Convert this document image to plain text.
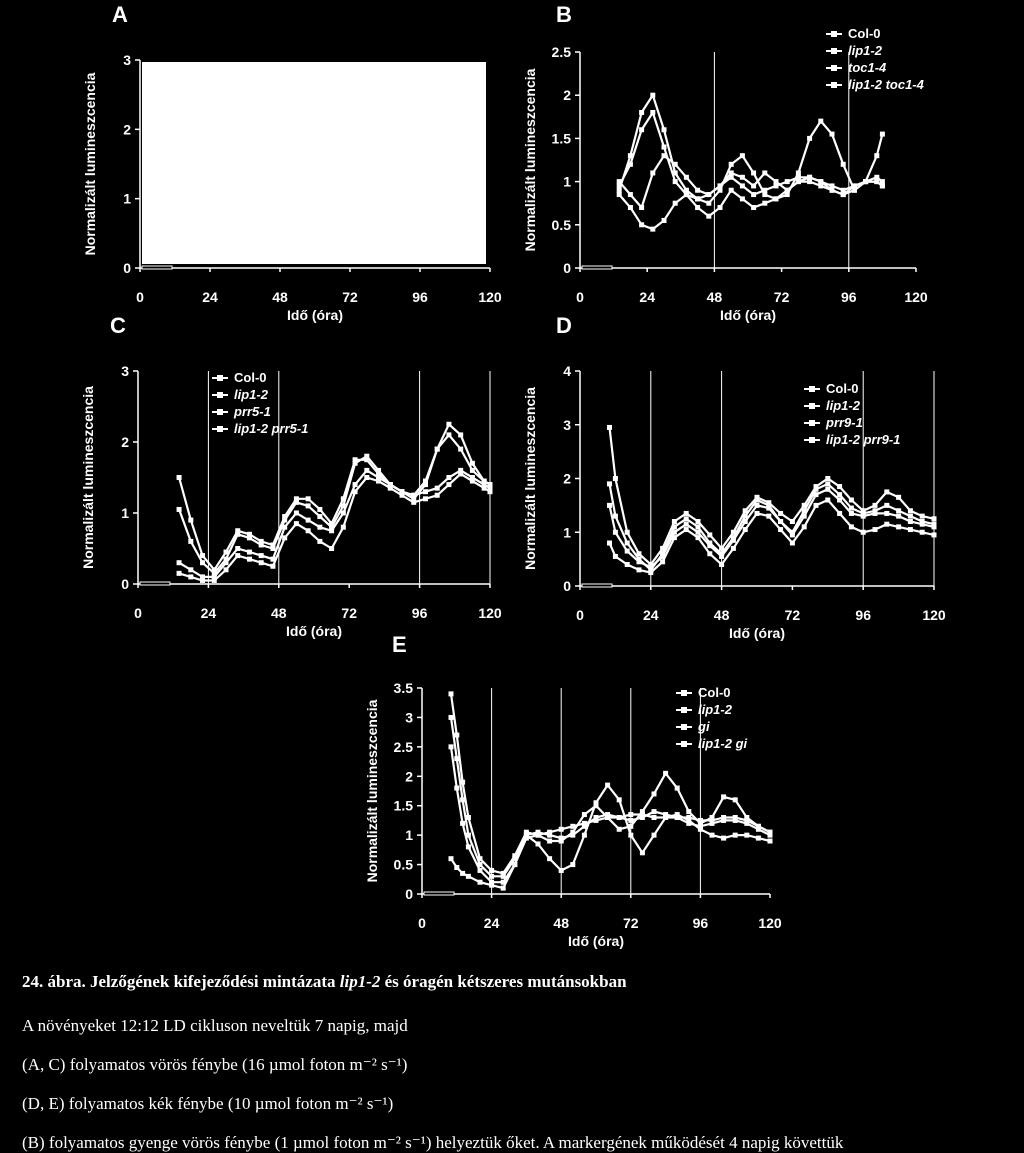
A
0
1
2
3
0	24	48	72	96	120
Idő (óra)
Normalizált lumineszcencia
B
0
0.5
1
1.5
2
2.5
0	24	48	72	96	120
Idő (óra)
Normalizált lumineszcencia
Col-0
lip1-2
toc1-4
lip1-2 toc1-4
C
0
1
2
3
0	24	48	72	96	120
Idő (óra)
Normalizált lumineszcencia
Col-0
lip1-2
prr5-1
lip1-2 prr5-1
D
0
1
2
3
4
0	24	48	72	96	120
Idő (óra)
Normalizált lumineszcencia	Col-0
lip1-2
prr9-1
lip1-2 prr9-1
E
0
0.5
1
1.5
2
2.5
3
3.5
0	24	48	72	96	120
Idő (óra)
Normalizált lumineszcencia
Col-0
lip1-2
gi
lip1-2 gi
24. ábra. Jelzőgének kifejeződési mintázata lip1-2 és óragén kétszeres mutánsokban
A növényeket 12:12 LD cikluson neveltük 7 napig, majd
(A, C) folyamatos vörös fénybe (16 µmol foton m⁻² s⁻¹)
(D, E) folyamatos kék fénybe (10 µmol foton m⁻² s⁻¹)
(B) folyamatos gyenge vörös fénybe (1 µmol foton m⁻² s⁻¹) helyeztük őket. A markergének működését 4 napig követtük
